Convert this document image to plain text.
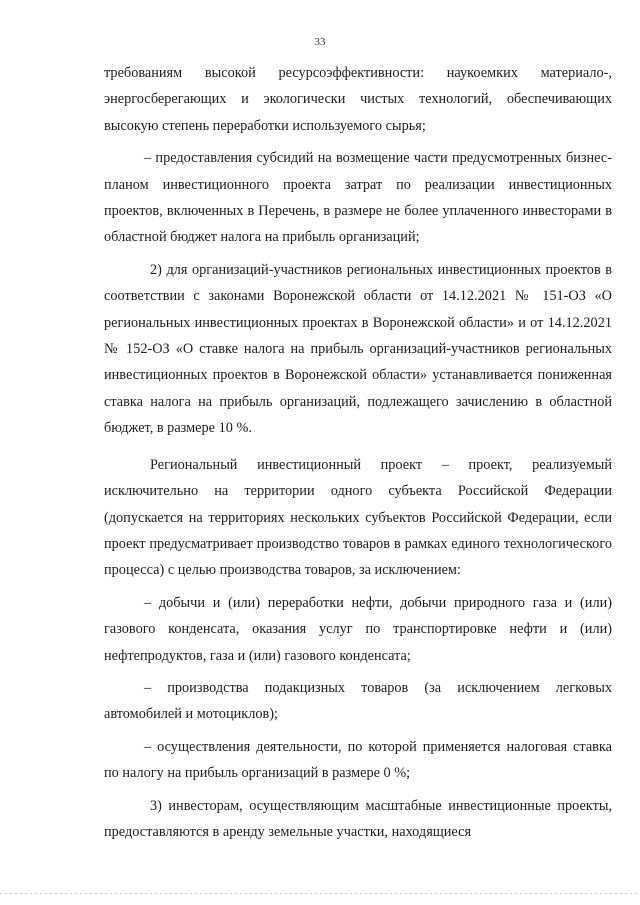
33

требованиям высокой ресурсоэффективности: наукоемких материало-, энергосберегающих и экологически чистых технологий, обеспечивающих высокую степень переработки используемого сырья;

– предоставления субсидий на возмещение части предусмотренных бизнес-планом инвестиционного проекта затрат по реализации инвестиционных проектов, включенных в Перечень, в размере не более уплаченного инвесторами в областной бюджет налога на прибыль организаций;

2) для организаций-участников региональных инвестиционных проектов в соответствии с законами Воронежской области от 14.12.2021 № 151-ОЗ «О региональных инвестиционных проектах в Воронежской области» и от 14.12.2021 № 152-ОЗ «О ставке налога на прибыль организаций-участников региональных инвестиционных проектов в Воронежской области» устанавливается пониженная ставка налога на прибыль организаций, подлежащего зачислению в областной бюджет, в размере 10 %.

Региональный инвестиционный проект – проект, реализуемый исключительно на территории одного субъекта Российской Федерации (допускается на территориях нескольких субъектов Российской Федерации, если проект предусматривает производство товаров в рамках единого технологического процесса) с целью производства товаров, за исключением:

– добычи и (или) переработки нефти, добычи природного газа и (или) газового конденсата, оказания услуг по транспортировке нефти и (или) нефтепродуктов, газа и (или) газового конденсата;

– производства подакцизных товаров (за исключением легковых автомобилей и мотоциклов);

– осуществления деятельности, по которой применяется налоговая ставка по налогу на прибыль организаций в размере 0 %;

3) инвесторам, осуществляющим масштабные инвестиционные проекты, предоставляются в аренду земельные участки, находящиеся
